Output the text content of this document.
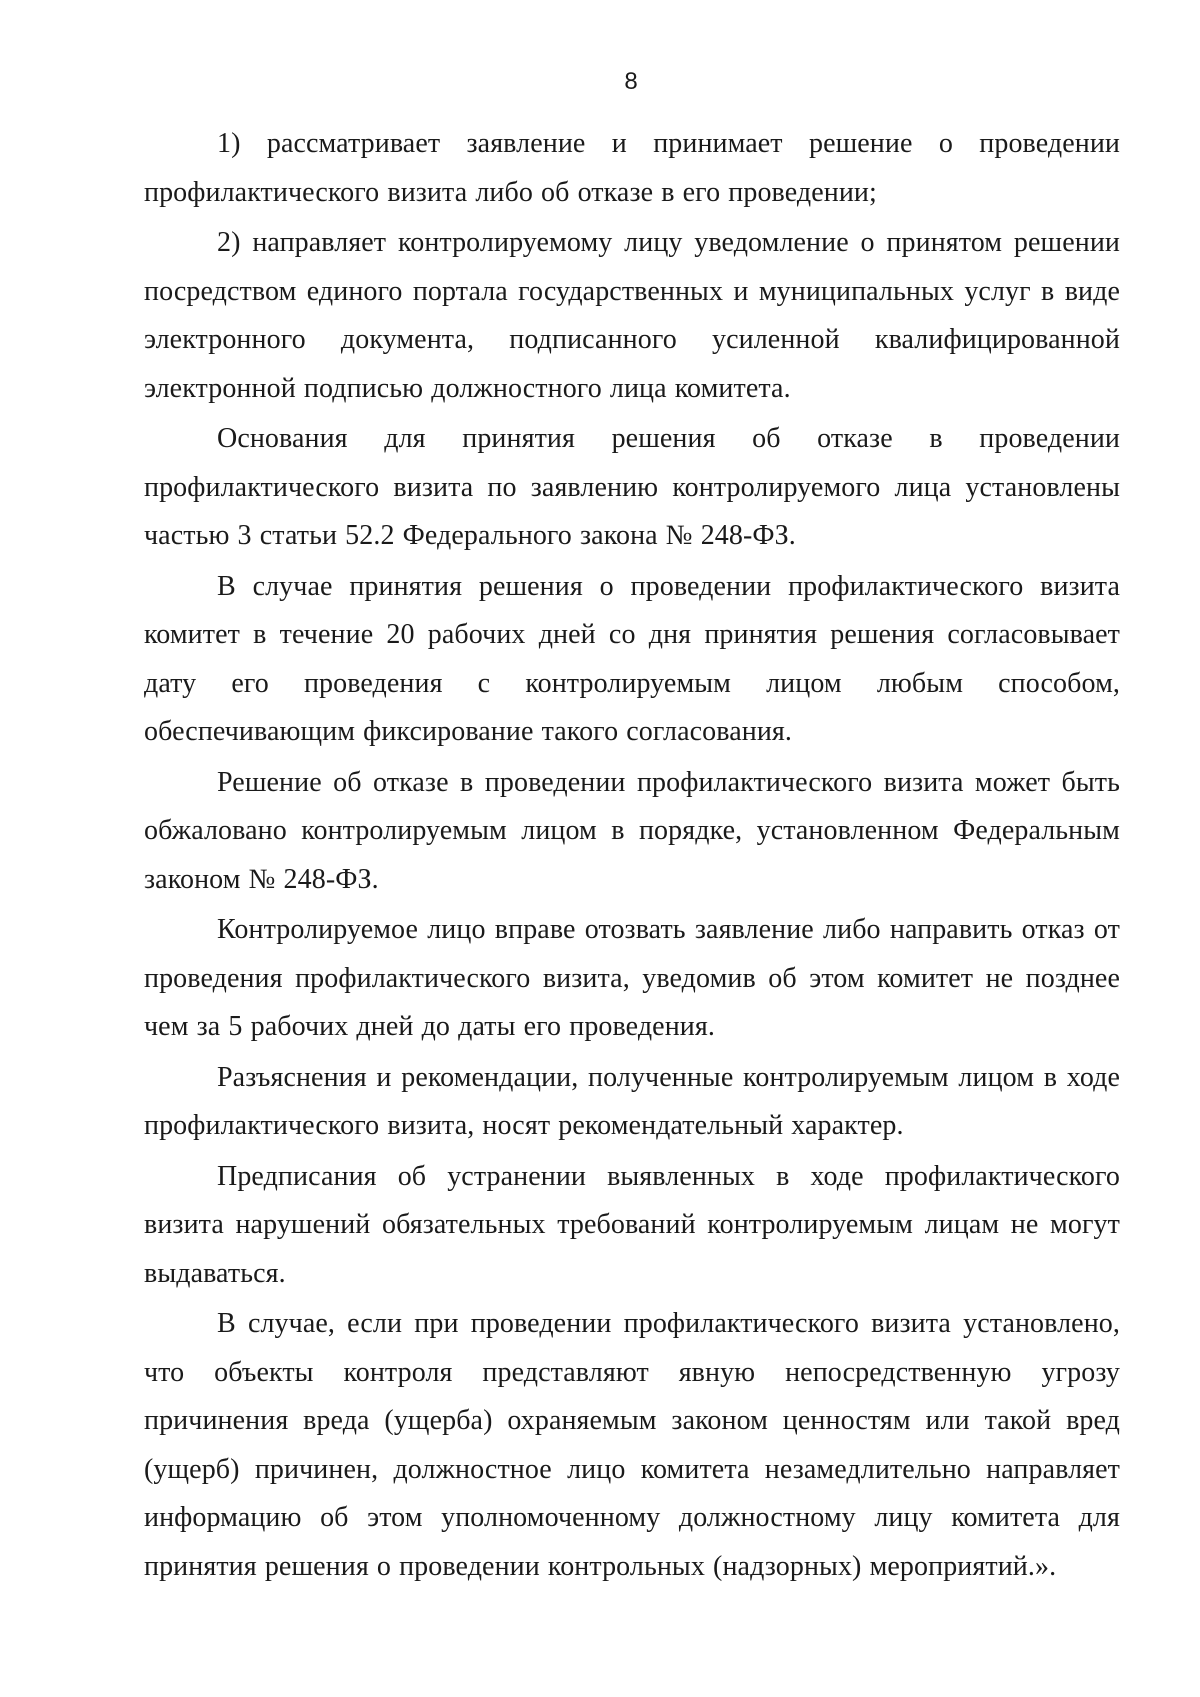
8

1) рассматривает заявление и принимает решение о проведении профилактического визита либо об отказе в его проведении;

2) направляет контролируемому лицу уведомление о принятом решении посредством единого портала государственных и муниципальных услуг в виде электронного документа, подписанного усиленной квалифицированной электронной подписью должностного лица комитета.

Основания для принятия решения об отказе в проведении профилактического визита по заявлению контролируемого лица установлены частью 3 статьи 52.2 Федерального закона № 248-ФЗ.

В случае принятия решения о проведении профилактического визита комитет в течение 20 рабочих дней со дня принятия решения согласовывает дату его проведения с контролируемым лицом любым способом, обеспечивающим фиксирование такого согласования.

Решение об отказе в проведении профилактического визита может быть обжаловано контролируемым лицом в порядке, установленном Федеральным законом № 248-ФЗ.

Контролируемое лицо вправе отозвать заявление либо направить отказ от проведения профилактического визита, уведомив об этом комитет не позднее чем за 5 рабочих дней до даты его проведения.

Разъяснения и рекомендации, полученные контролируемым лицом в ходе профилактического визита, носят рекомендательный характер.

Предписания об устранении выявленных в ходе профилактического визита нарушений обязательных требований контролируемым лицам не могут выдаваться.

В случае, если при проведении профилактического визита установлено, что объекты контроля представляют явную непосредственную угрозу причинения вреда (ущерба) охраняемым законом ценностям или такой вред (ущерб) причинен, должностное лицо комитета незамедлительно направляет информацию об этом уполномоченному должностному лицу комитета для принятия решения о проведении контрольных (надзорных) мероприятий.».
